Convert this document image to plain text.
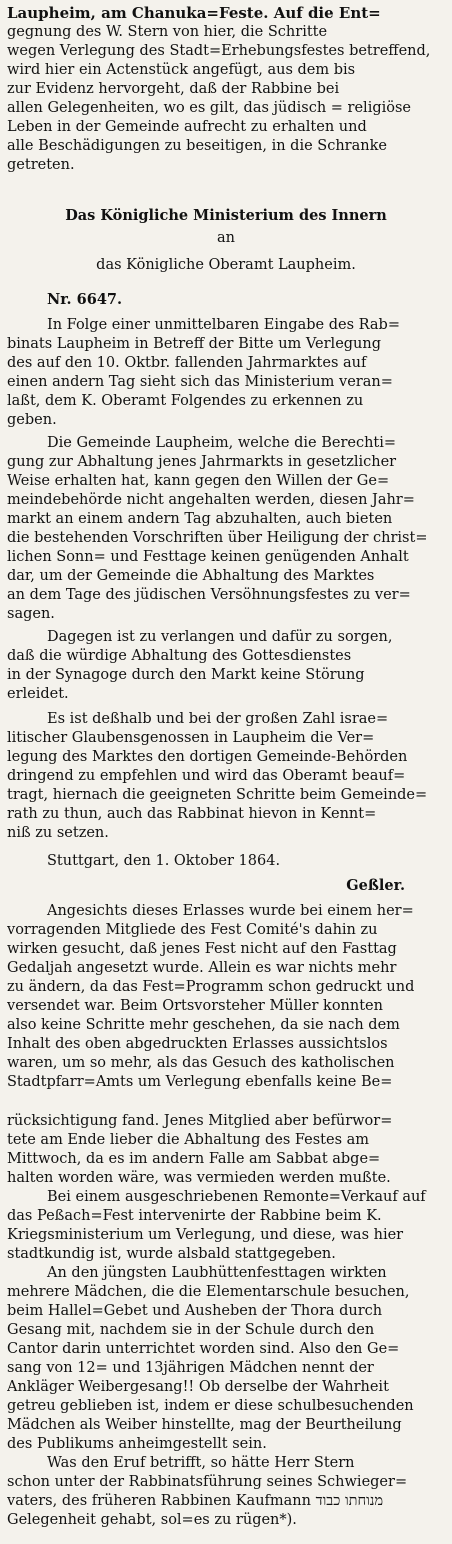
Laupheim, am Chanuka=Feste. Auf die Ent=
gegnung des W. Stern von hier, die Schritte
wegen Verlegung des Stadt=Erhebungsfestes betreffend,
wird hier ein Actenstück angefügt, aus dem bis
zur Evidenz hervorgeht, daß der Rabbine bei
allen Gelegenheiten, wo es gilt, das jüdisch = religiöse
Leben in der Gemeinde aufrecht zu erhalten und
alle Beschädigungen zu beseitigen, in die Schranke
getreten.
Das Königliche Ministerium des Innern
an
das Königliche Oberamt Laupheim.
Nr. 6647.
In Folge einer unmittelbaren Eingabe des Rab=
binats Laupheim in Betreff der Bitte um Verlegung
des auf den 10. Oktbr. fallenden Jahrmarktes auf
einen andern Tag sieht sich das Ministerium veran=
laßt, dem K. Oberamt Folgendes zu erkennen zu
geben.
Die Gemeinde Laupheim, welche die Berechti=
gung zur Abhaltung jenes Jahrmarkts in gesetzlicher
Weise erhalten hat, kann gegen den Willen der Ge=
meindebehörde nicht angehalten werden, diesen Jahr=
markt an einem andern Tag abzuhalten, auch bieten
die bestehenden Vorschriften über Heiligung der christ=
lichen Sonn= und Festtage keinen genügenden Anhalt
dar, um der Gemeinde die Abhaltung des Marktes
an dem Tage des jüdischen Versöhnungsfestes zu ver=
sagen.
Dagegen ist zu verlangen und dafür zu sorgen,
daß die würdige Abhaltung des Gottesdienstes
in der Synagoge durch den Markt keine Störung
erleidet.
Es ist deßhalb und bei der großen Zahl israe=
litischer Glaubensgenossen in Laupheim die Ver=
legung des Marktes den dortigen Gemeinde-Behörden
dringend zu empfehlen und wird das Oberamt beauf=
tragt, hiernach die geeigneten Schritte beim Gemeinde=
rath zu thun, auch das Rabbinat hievon in Kennt=
niß zu setzen.
Stuttgart, den 1. Oktober 1864.
Geßler.
Angesichts dieses Erlasses wurde bei einem her=
vorragenden Mitgliede des Fest Comité's dahin zu
wirken gesucht, daß jenes Fest nicht auf den Fasttag
Gedaljah angesetzt wurde. Allein es war nichts mehr
zu ändern, da das Fest=Programm schon gedruckt und
versendet war. Beim Ortsvorsteher Müller konnten
also keine Schritte mehr geschehen, da sie nach dem
Inhalt des oben abgedruckten Erlasses aussichtslos
waren, um so mehr, als das Gesuch des katholischen
Stadtpfarr=Amts um Verlegung ebenfalls keine Be=
rücksichtigung fand. Jenes Mitglied aber befürwor=
tete am Ende lieber die Abhaltung des Festes am
Mittwoch, da es im andern Falle am Sabbat abge=
halten worden wäre, was vermieden werden mußte.
Bei einem ausgeschriebenen Remonte=Verkauf auf
das Peßach=Fest intervenirte der Rabbine beim K.
Kriegsministerium um Verlegung, und diese, was hier
stadtkundig ist, wurde alsbald stattgegeben.
An den jüngsten Laubhüttenfesttagen wirkten
mehrere Mädchen, die die Elementarschule besuchen,
beim Hallel=Gebet und Ausheben der Thora durch
Gesang mit, nachdem sie in der Schule durch den
Cantor darin unterrichtet worden sind. Also den Ge=
sang von 12= und 13jährigen Mädchen nennt der
Ankläger Weibergesang!! Ob derselbe der Wahrheit
getreu geblieben ist, indem er diese schulbesuchenden
Mädchen als Weiber hinstellte, mag der Beurtheilung
des Publikums anheimgestellt sein.
Was den Eruf betrifft, so hätte Herr Stern
schon unter der Rabbinatsführung seines Schwieger=
vaters, des früheren Rabbinen Kaufmann מנוחתו כבוד
Gelegenheit gehabt, sol=es zu rügen*).
